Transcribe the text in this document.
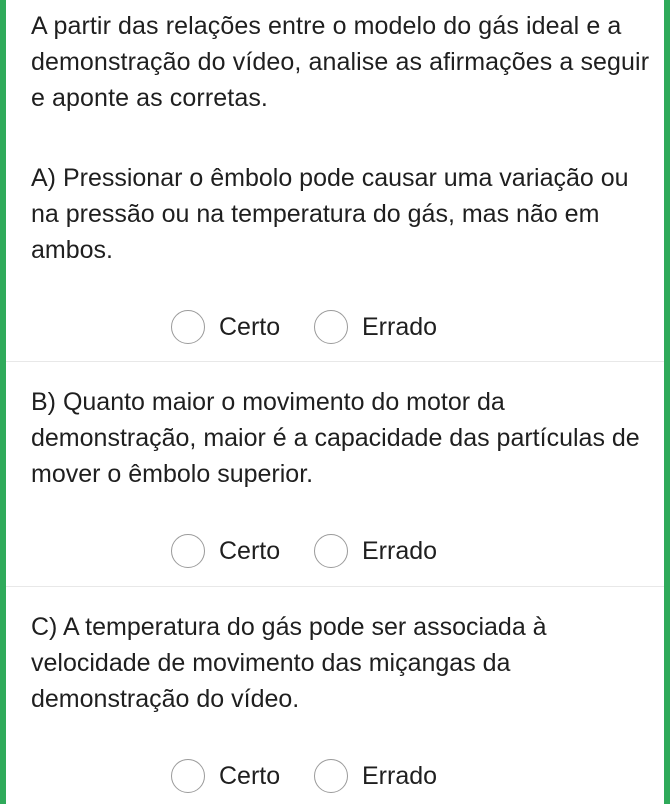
A partir das relações entre o modelo do gás ideal e a demonstração do vídeo, analise as afirmações a seguir e aponte as corretas.
A) Pressionar o êmbolo pode causar uma variação ou na pressão ou na temperatura do gás, mas não em ambos.
Certo	Errado
B) Quanto maior o movimento do motor da demonstração, maior é a capacidade das partículas de mover o êmbolo superior.
Certo	Errado
C) A temperatura do gás pode ser associada à velocidade de movimento das miçangas da demonstração do vídeo.
Certo	Errado
